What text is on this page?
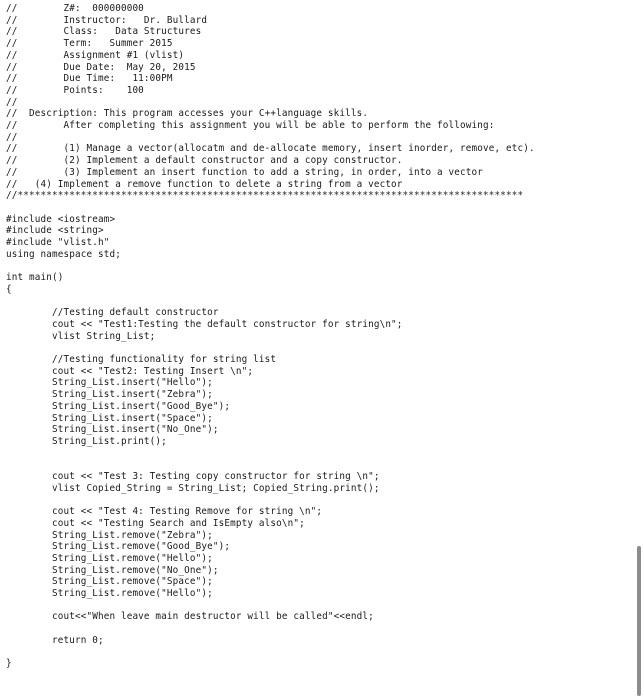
//        Z#:  000000000
//        Instructor:   Dr. Bullard
//        Class:   Data Structures
//        Term:   Summer 2015
//        Assignment #1 (vlist)
//        Due Date:  May 20, 2015
//        Due Time:   11:00PM
//        Points:    100
//
//  Description: This program accesses your C++language skills.
//        After completing this assignment you will be able to perform the following:
//
//        (1) Manage a vector(allocatm and de-allocate memory, insert inorder, remove, etc).
//        (2) Implement a default constructor and a copy constructor.
//        (3) Implement an insert function to add a string, in order, into a vector
//   (4) Implement a remove function to delete a string from a vector
//****************************************************************************************
#include <iostream>
#include <string>
#include "vlist.h"
using namespace std;
int main()
{
//Testing default constructor
cout << "Test1:Testing the default constructor for string\n";
vlist String_List;
//Testing functionality for string list
cout << "Test2: Testing Insert \n";
String_List.insert("Hello");
String_List.insert("Zebra");
String_List.insert("Good_Bye");
String_List.insert("Space");
String_List.insert("No_One");
String_List.print();
cout << "Test 3: Testing copy constructor for string \n";
vlist Copied_String = String_List; Copied_String.print();
cout << "Test 4: Testing Remove for string \n";
cout << "Testing Search and IsEmpty also\n";
String_List.remove("Zebra");
String_List.remove("Good_Bye");
String_List.remove("Hello");
String_List.remove("No_One");
String_List.remove("Space");
String_List.remove("Hello");
cout<<"When leave main destructor will be called"<<endl;
return 0;
}
